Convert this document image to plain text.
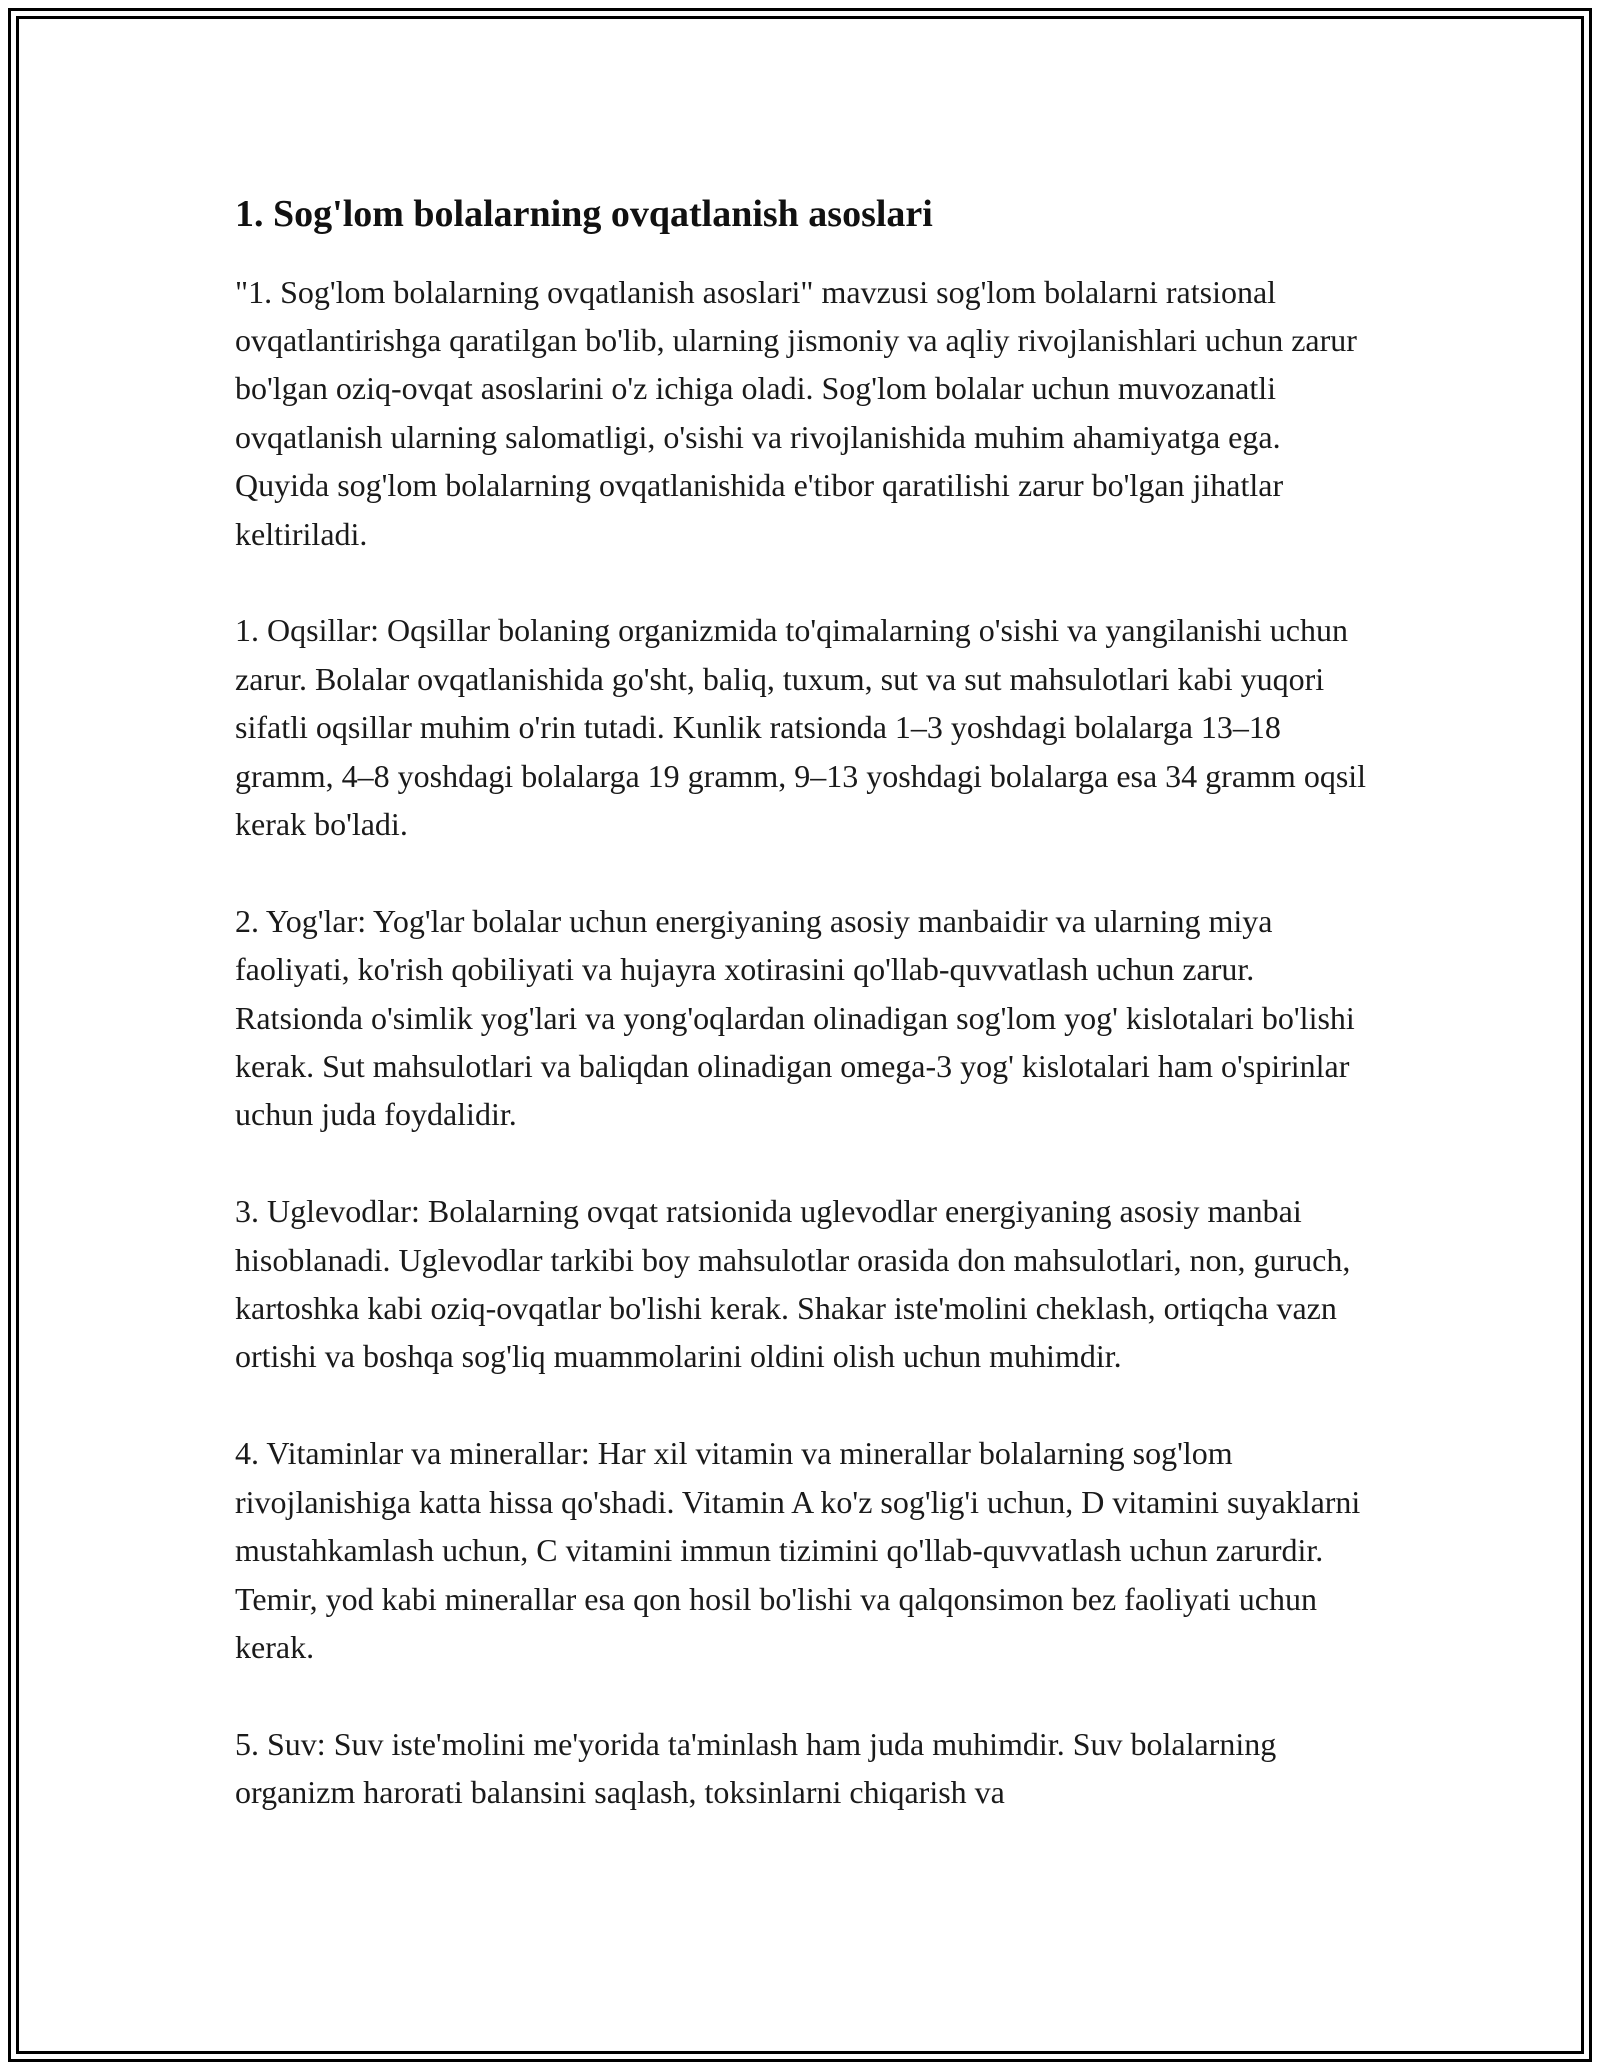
1. Sog'lom bolalarning ovqatlanish asoslari

"1. Sog'lom bolalarning ovqatlanish asoslari" mavzusi sog'lom bolalarni ratsional ovqatlantirishga qaratilgan bo'lib, ularning jismoniy va aqliy rivojlanishlari uchun zarur bo'lgan oziq-ovqat asoslarini o'z ichiga oladi. Sog'lom bolalar uchun muvozanatli ovqatlanish ularning salomatligi, o'sishi va rivojlanishida muhim ahamiyatga ega. Quyida sog'lom bolalarning ovqatlanishida e'tibor qaratilishi zarur bo'lgan jihatlar keltiriladi.

1. Oqsillar: Oqsillar bolaning organizmida to'qimalarning o'sishi va yangilanishi uchun zarur. Bolalar ovqatlanishida go'sht, baliq, tuxum, sut va sut mahsulotlari kabi yuqori sifatli oqsillar muhim o'rin tutadi. Kunlik ratsionda 1–3 yoshdagi bolalarga 13–18 gramm, 4–8 yoshdagi bolalarga 19 gramm, 9–13 yoshdagi bolalarga esa 34 gramm oqsil kerak bo'ladi.

2. Yog'lar: Yog'lar bolalar uchun energiyaning asosiy manbaidir va ularning miya faoliyati, ko'rish qobiliyati va hujayra xotirasini qo'llab-quvvatlash uchun zarur. Ratsionda o'simlik yog'lari va yong'oqlardan olinadigan sog'lom yog' kislotalari bo'lishi kerak. Sut mahsulotlari va baliqdan olinadigan omega-3 yog' kislotalari ham o'spirinlar uchun juda foydalidir.

3. Uglevodlar: Bolalarning ovqat ratsionida uglevodlar energiyaning asosiy manbai hisoblanadi. Uglevodlar tarkibi boy mahsulotlar orasida don mahsulotlari, non, guruch, kartoshka kabi oziq-ovqatlar bo'lishi kerak. Shakar iste'molini cheklash, ortiqcha vazn ortishi va boshqa sog'liq muammolarini oldini olish uchun muhimdir.

4. Vitaminlar va minerallar: Har xil vitamin va minerallar bolalarning sog'lom rivojlanishiga katta hissa qo'shadi. Vitamin A ko'z sog'lig'i uchun, D vitamini suyaklarni mustahkamlash uchun, C vitamini immun tizimini qo'llab-quvvatlash uchun zarurdir. Temir, yod kabi minerallar esa qon hosil bo'lishi va qalqonsimon bez faoliyati uchun kerak.

5. Suv: Suv iste'molini me'yorida ta'minlash ham juda muhimdir. Suv bolalarning organizm harorati balansini saqlash, toksinlarni chiqarish va
